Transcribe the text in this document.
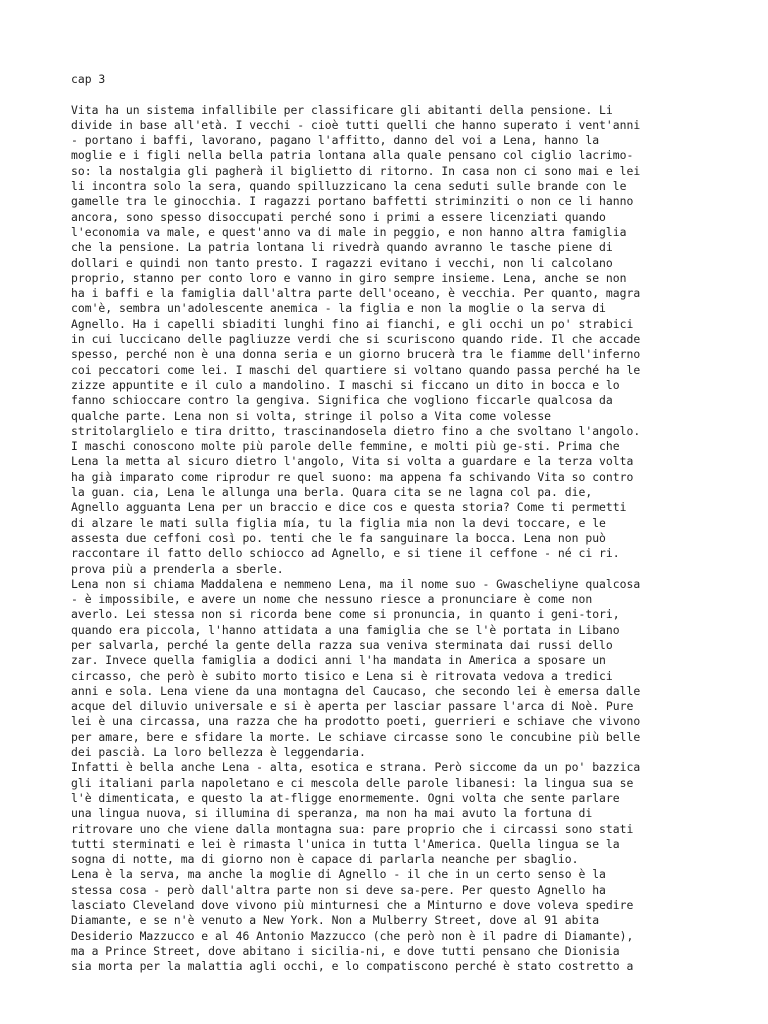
cap 3
Vita ha un sistema infallibile per classificare gli abitanti della pensione. Li
divide in base all'età. I vecchi - cioè tutti quelli che hanno superato i vent'anni
- portano i baffi, lavorano, pagano l'affitto, danno del voi a Lena, hanno la
moglie e i figli nella bella patria lontana alla quale pensano col ciglio lacrimo-
so: la nostalgia gli pagherà il biglietto di ritorno. In casa non ci sono mai e lei
li incontra solo la sera, quando spilluzzicano la cena seduti sulle brande con le
gamelle tra le ginocchia. I ragazzi portano baffetti striminziti o non ce li hanno
ancora, sono spesso disoccupati perché sono i primi a essere licenziati quando
l'economia va male, e quest'anno va di male in peggio, e non hanno altra famiglia
che la pensione. La patria lontana li rivedrà quando avranno le tasche piene di
dollari e quindi non tanto presto. I ragazzi evitano i vecchi, non li calcolano
proprio, stanno per conto loro e vanno in giro sempre insieme. Lena, anche se non
ha i baffi e la famiglia dall'altra parte dell'oceano, è vecchia. Per quanto, magra
com'è, sembra un'adolescente anemica - la figlia e non la moglie o la serva di
Agnello. Ha i capelli sbiaditi lunghi fino ai fianchi, e gli occhi un po' strabici
in cui luccicano delle pagliuzze verdi che si scuriscono quando ride. Il che accade
spesso, perché non è una donna seria e un giorno brucerà tra le fiamme dell'inferno
coi peccatori come lei. I maschi del quartiere si voltano quando passa perché ha le
zizze appuntite e il culo a mandolino. I maschi si ficcano un dito in bocca e lo
fanno schioccare contro la gengiva. Significa che vogliono ficcarle qualcosa da
qualche parte. Lena non si volta, stringe il polso a Vita come volesse
stritolarglielo e tira dritto, trascinandosela dietro fino a che svoltano l'angolo.
I maschi conoscono molte più parole delle femmine, e molti più ge-sti. Prima che
Lena la metta al sicuro dietro l'angolo, Vita si volta a guardare e la terza volta
ha già imparato come riprodur re quel suono: ma appena fa schivando Vita so contro
la guan. cia, Lena le allunga una berla. Quara cita se ne lagna col pa. die,
Agnello agguanta Lena per un braccio e dice cos e questa storia? Come ti permetti
di alzare le mati sulla figlia mía, tu la figlia mia non la devi toccare, e le
assesta due ceffoni così po. tenti che le fa sanguinare la bocca. Lena non può
raccontare il fatto dello schiocco ad Agnello, e si tiene il ceffone - né ci ri.
prova più a prenderla a sberle.
Lena non si chiama Maddalena e nemmeno Lena, ma il nome suo - Gwascheliyne qualcosa
- è impossibile, e avere un nome che nessuno riesce a pronunciare è come non
averlo. Lei stessa non si ricorda bene come si pronuncia, in quanto i geni-tori,
quando era piccola, l'hanno attidata a una famiglia che se l'è portata in Libano
per salvarla, perché la gente della razza sua veniva sterminata dai russi dello
zar. Invece quella famiglia a dodici anni l'ha mandata in America a sposare un
circasso, che però è subito morto tisico e Lena si è ritrovata vedova a tredici
anni e sola. Lena viene da una montagna del Caucaso, che secondo lei è emersa dalle
acque del diluvio universale e si è aperta per lasciar passare l'arca di Noè. Pure
lei è una circassa, una razza che ha prodotto poeti, guerrieri e schiave che vivono
per amare, bere e sfidare la morte. Le schiave circasse sono le concubine più belle
dei pascià. La loro bellezza è leggendaria.
Infatti è bella anche Lena - alta, esotica e strana. Però siccome da un po' bazzica
gli italiani parla napoletano e ci mescola delle parole libanesi: la lingua sua se
l'è dimenticata, e questo la at-fligge enormemente. Ogni volta che sente parlare
una lingua nuova, si illumina di speranza, ma non ha mai avuto la fortuna di
ritrovare uno che viene dalla montagna sua: pare proprio che i circassi sono stati
tutti sterminati e lei è rimasta l'unica in tutta l'America. Quella lingua se la
sogna di notte, ma di giorno non è capace di parlarla neanche per sbaglio.
Lena è la serva, ma anche la moglie di Agnello - il che in un certo senso è la
stessa cosa - però dall'altra parte non si deve sa-pere. Per questo Agnello ha
lasciato Cleveland dove vivono più minturnesi che a Minturno e dove voleva spedire
Diamante, e se n'è venuto a New York. Non a Mulberry Street, dove al 91 abita
Desiderio Mazzucco e al 46 Antonio Mazzucco (che però non è il padre di Diamante),
ma a Prince Street, dove abitano i sicilia-ni, e dove tutti pensano che Dionisia
sia morta per la malattia agli occhi, e lo compatiscono perché è stato costretto a
